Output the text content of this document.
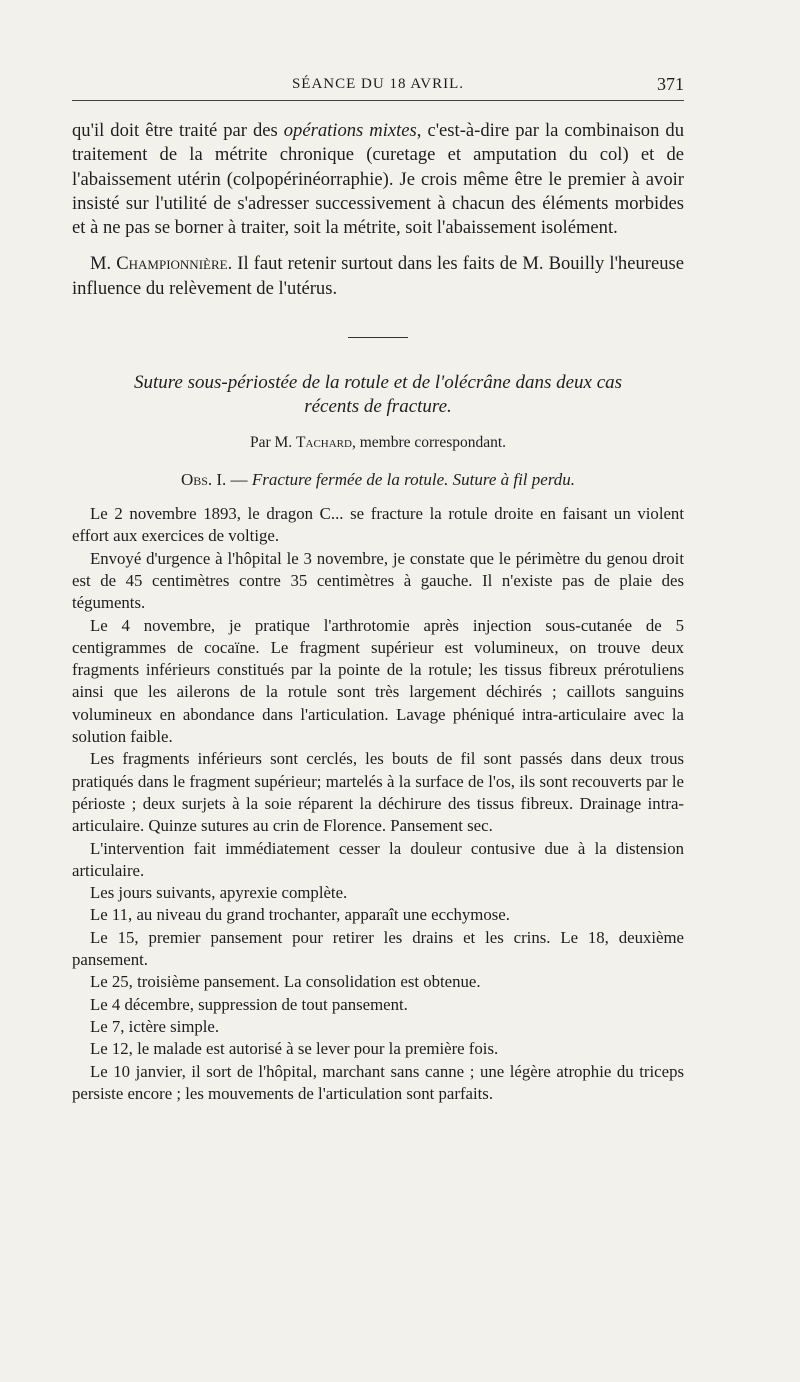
SÉANCE DU 18 AVRIL.	371

qu'il doit être traité par des opérations mixtes, c'est-à-dire par la combinaison du traitement de la métrite chronique (curetage et amputation du col) et de l'abaissement utérin (colpopérinéorraphie). Je crois même être le premier à avoir insisté sur l'utilité de s'adresser successivement à chacun des éléments morbides et à ne pas se borner à traiter, soit la métrite, soit l'abaissement isolément.

M. Championnière. Il faut retenir surtout dans les faits de M. Bouilly l'heureuse influence du relèvement de l'utérus.

Suture sous-périostée de la rotule et de l'olécrâne dans deux cas
récents de fracture.
Par M. Tachard, membre correspondant.
Obs. I. — Fracture fermée de la rotule. Suture à fil perdu.

Le 2 novembre 1893, le dragon C... se fracture la rotule droite en faisant un violent effort aux exercices de voltige.

Envoyé d'urgence à l'hôpital le 3 novembre, je constate que le périmètre du genou droit est de 45 centimètres contre 35 centimètres à gauche. Il n'existe pas de plaie des téguments.

Le 4 novembre, je pratique l'arthrotomie après injection sous-cutanée de 5 centigrammes de cocaïne. Le fragment supérieur est volumineux, on trouve deux fragments inférieurs constitués par la pointe de la rotule; les tissus fibreux prérotuliens ainsi que les ailerons de la rotule sont très largement déchirés ; caillots sanguins volumineux en abondance dans l'articulation. Lavage phéniqué intra-articulaire avec la solution faible.

Les fragments inférieurs sont cerclés, les bouts de fil sont passés dans deux trous pratiqués dans le fragment supérieur; martelés à la surface de l'os, ils sont recouverts par le périoste ; deux surjets à la soie réparent la déchirure des tissus fibreux. Drainage intra-articulaire. Quinze sutures au crin de Florence. Pansement sec.

L'intervention fait immédiatement cesser la douleur contusive due à la distension articulaire.

Les jours suivants, apyrexie complète.

Le 11, au niveau du grand trochanter, apparaît une ecchymose.

Le 15, premier pansement pour retirer les drains et les crins. Le 18, deuxième pansement.

Le 25, troisième pansement. La consolidation est obtenue.

Le 4 décembre, suppression de tout pansement.

Le 7, ictère simple.

Le 12, le malade est autorisé à se lever pour la première fois.

Le 10 janvier, il sort de l'hôpital, marchant sans canne ; une légère atrophie du triceps persiste encore ; les mouvements de l'articulation sont parfaits.
